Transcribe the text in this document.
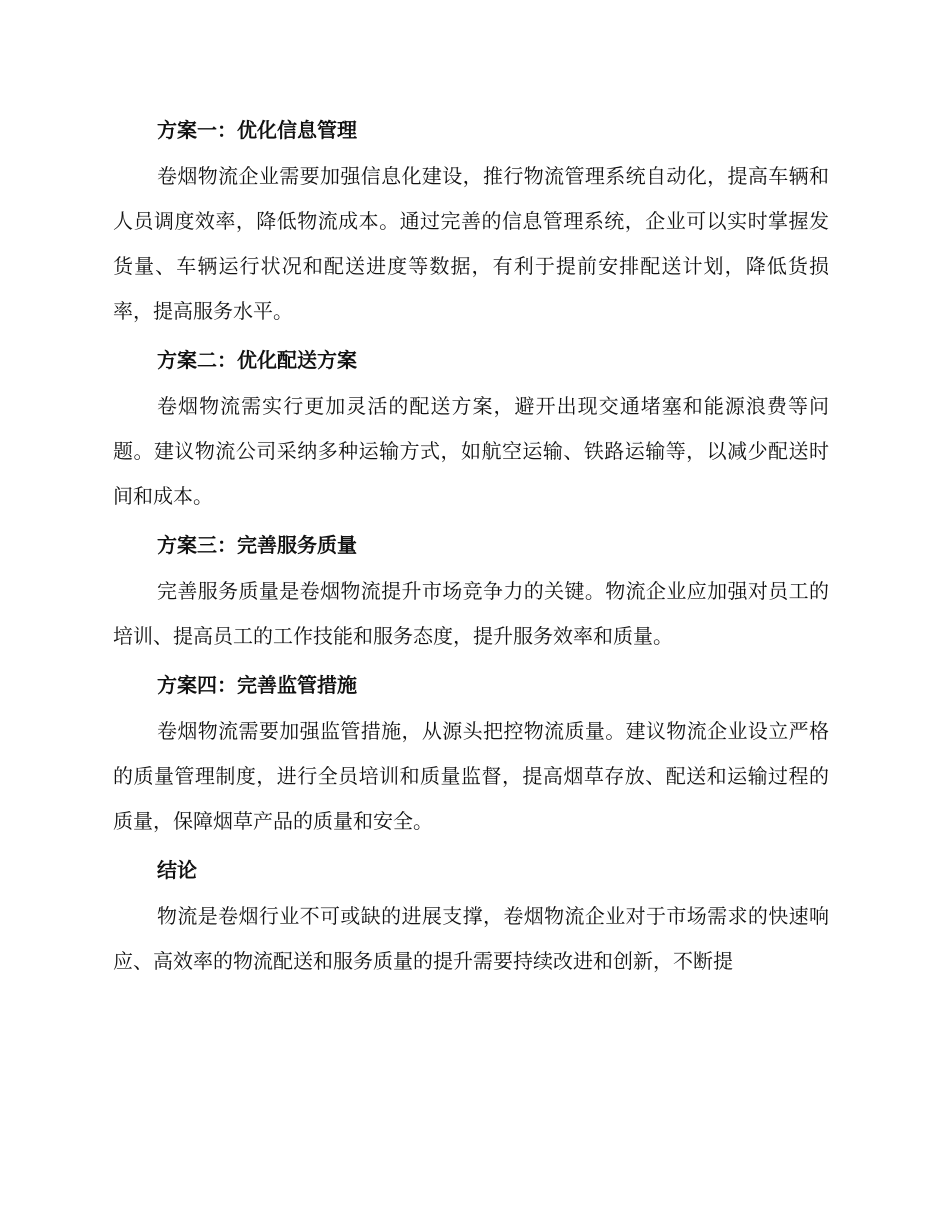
方案一：优化信息管理

卷烟物流企业需要加强信息化建设，推行物流管理系统自动化，提高车辆和人员调度效率，降低物流成本。通过完善的信息管理系统，企业可以实时掌握发货量、车辆运行状况和配送进度等数据，有利于提前安排配送计划，降低货损率，提高服务水平。

方案二：优化配送方案

卷烟物流需实行更加灵活的配送方案，避开出现交通堵塞和能源浪费等问题。建议物流公司采纳多种运输方式，如航空运输、铁路运输等，以减少配送时间和成本。

方案三：完善服务质量

完善服务质量是卷烟物流提升市场竞争力的关键。物流企业应加强对员工的培训、提高员工的工作技能和服务态度，提升服务效率和质量。

方案四：完善监管措施

卷烟物流需要加强监管措施，从源头把控物流质量。建议物流企业设立严格的质量管理制度，进行全员培训和质量监督，提高烟草存放、配送和运输过程的质量，保障烟草产品的质量和安全。

结论

物流是卷烟行业不可或缺的进展支撑，卷烟物流企业对于市场需求的快速响应、高效率的物流配送和服务质量的提升需要持续改进和创新，不断提
